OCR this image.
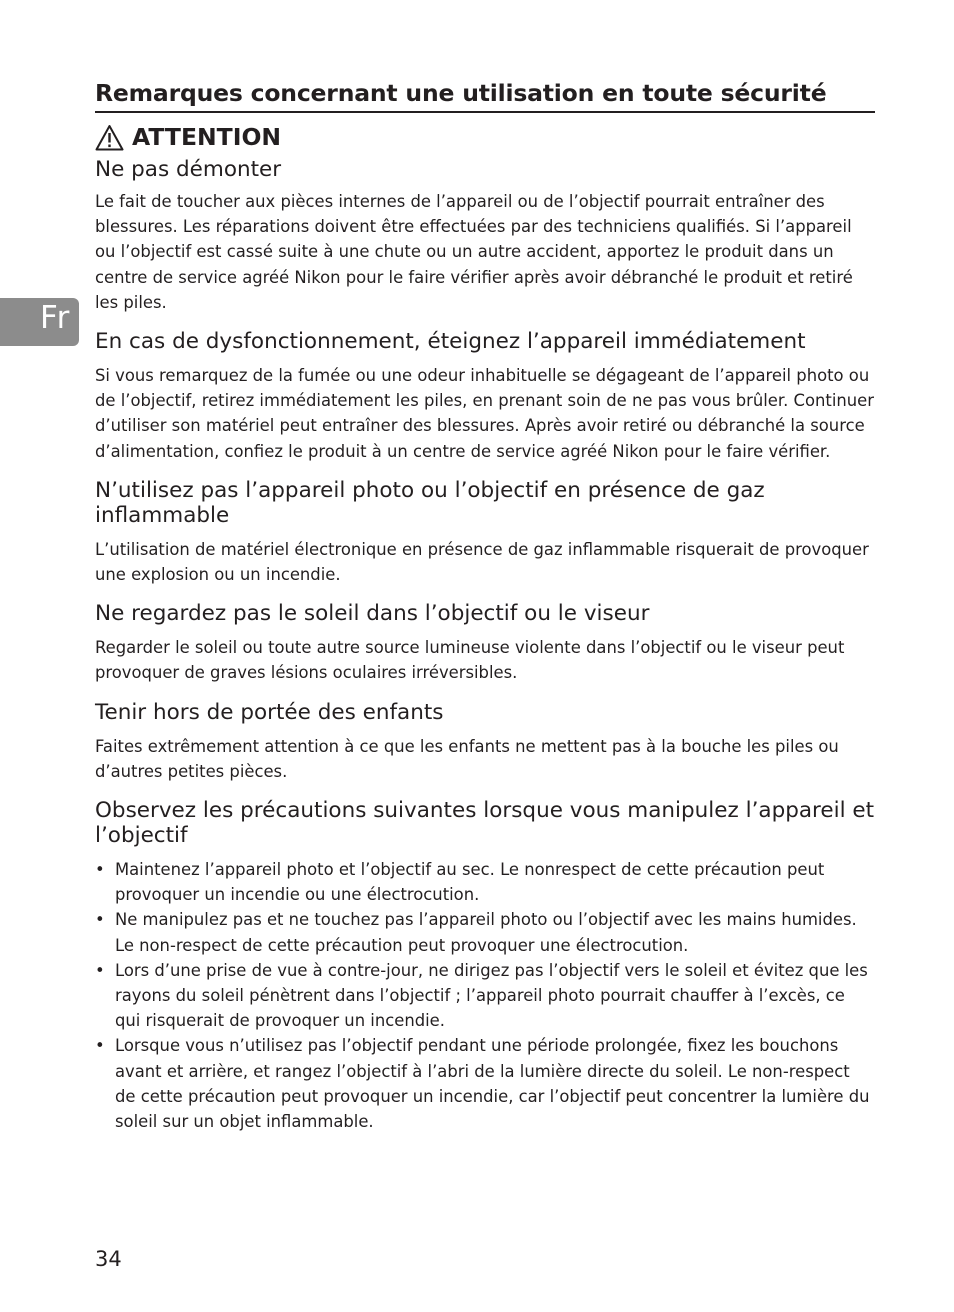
Fr
Remarques concernant une utilisation en toute sécurité
ATTENTION
Ne pas démonter

Le fait de toucher aux pièces internes de l’appareil ou de l’objectif pourrait entraîner des blessures. Les réparations doivent être effectuées par des techniciens qualifiés. Si l’appareil ou l’objectif est cassé suite à une chute ou un autre accident, apportez le produit dans un centre de service agréé Nikon pour le faire vérifier après avoir débranché le produit et retiré les piles.

En cas de dysfonctionnement, éteignez l’appareil immédiatement

Si vous remarquez de la fumée ou une odeur inhabituelle se dégageant de l’appareil photo ou de l’objectif, retirez immédiatement les piles, en prenant soin de ne pas vous brûler. Continuer d’utiliser son matériel peut entraîner des blessures. Après avoir retiré ou débranché la source d’alimentation, confiez le produit à un centre de service agréé Nikon pour le faire vérifier.

N’utilisez pas l’appareil photo ou l’objectif en présence de gaz inflammable

L’utilisation de matériel électronique en présence de gaz inflammable risquerait de provoquer une explosion ou un incendie.

Ne regardez pas le soleil dans l’objectif ou le viseur

Regarder le soleil ou toute autre source lumineuse violente dans l’objectif ou le viseur peut provoquer de graves lésions oculaires irréversibles.

Tenir hors de portée des enfants

Faites extrêmement attention à ce que les enfants ne mettent pas à la bouche les piles ou d’autres petites pièces.

Observez les précautions suivantes lorsque vous manipulez l’appareil et l’objectif
• Maintenez l’appareil photo et l’objectif au sec. Le nonrespect de cette précaution peut provoquer un incendie ou une électrocution.
• Ne manipulez pas et ne touchez pas l’appareil photo ou l’objectif avec les mains humides. Le non-respect de cette précaution peut provoquer une électrocution.
• Lors d’une prise de vue à contre-jour, ne dirigez pas l’objectif vers le soleil et évitez que les rayons du soleil pénètrent dans l’objectif ; l’appareil photo pourrait chauffer à l’excès, ce qui risquerait de provoquer un incendie.
• Lorsque vous n’utilisez pas l’objectif pendant une période prolongée, fixez les bouchons avant et arrière, et rangez l’objectif à l’abri de la lumière directe du soleil. Le non-respect de cette précaution peut provoquer un incendie, car l’objectif peut concentrer la lumière du soleil sur un objet inflammable.
34
